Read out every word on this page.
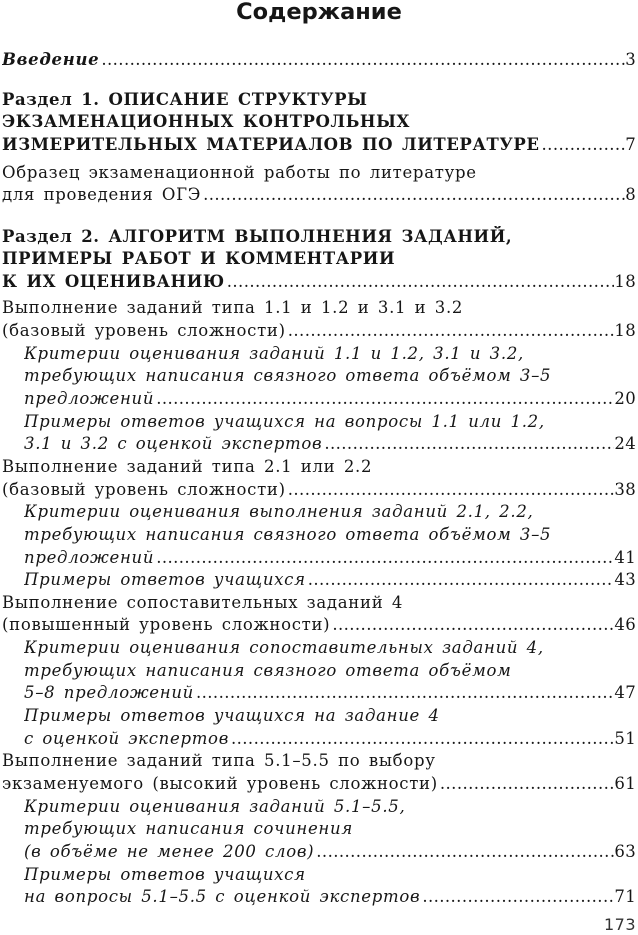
Содержание
Введение .....	3
Раздел 1. ОПИСАНИЕ СТРУКТУРЫ
ЭКЗАМЕНАЦИОННЫХ КОНТРОЛЬНЫХ
ИЗМЕРИТЕЛЬНЫХ МАТЕРИАЛОВ ПО ЛИТЕРАТУРЕ .....	7
Образец экзаменационной работы по литературе
для проведения ОГЭ .....	8
Раздел 2. АЛГОРИТМ ВЫПОЛНЕНИЯ ЗАДАНИЙ,
ПРИМЕРЫ РАБОТ И КОММЕНТАРИИ
К ИХ ОЦЕНИВАНИЮ .....	18
Выполнение заданий типа 1.1 и 1.2 и 3.1 и 3.2
(базовый уровень сложности) .....	18
Критерии оценивания заданий 1.1 и 1.2, 3.1 и 3.2,
требующих написания связного ответа объёмом 3–5
предложений .....	20
Примеры ответов учащихся на вопросы 1.1 или 1.2,
3.1 и 3.2 с оценкой экспертов .....	24
Выполнение заданий типа 2.1 или 2.2
(базовый уровень сложности) .....	38
Критерии оценивания выполнения заданий 2.1, 2.2,
требующих написания связного ответа объёмом 3–5
предложений .....	41
Примеры ответов учащихся .....	43
Выполнение сопоставительных заданий 4
(повышенный уровень сложности) .....	46
Критерии оценивания сопоставительных заданий 4,
требующих написания связного ответа объёмом
5–8 предложений .....	47
Примеры ответов учащихся на задание 4
с оценкой экспертов .....	51
Выполнение заданий типа 5.1–5.5 по выбору
экзаменуемого (высокий уровень сложности) .....	61
Критерии оценивания заданий 5.1–5.5,
требующих написания сочинения
(в объёме не менее 200 слов) .....	63
Примеры ответов учащихся
на вопросы 5.1–5.5 с оценкой экспертов .....	71
173
